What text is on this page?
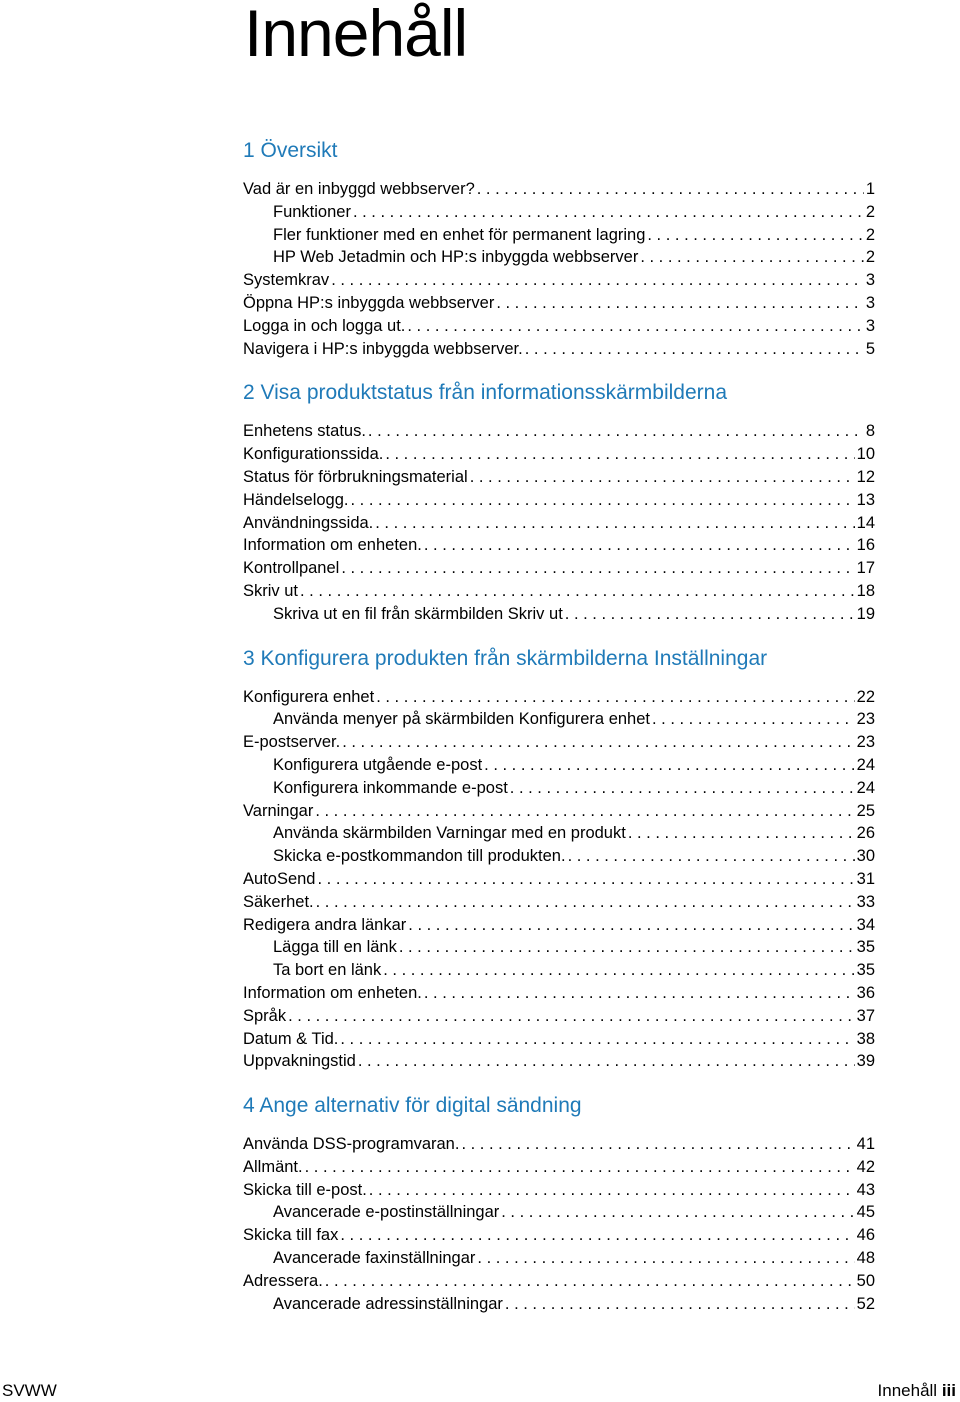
Innehåll
1 Översikt
Vad är en inbyggd webbserver? . . .	1
Funktioner . . .	2
Fler funktioner med en enhet för permanent lagring . . .	2
HP Web Jetadmin och HP:s inbyggda webbserver . . .	2
Systemkrav . . .	3
Öppna HP:s inbyggda webbserver . . .	3
Logga in och logga ut. . . .	3
Navigera i HP:s inbyggda webbserver. . . .	5
2 Visa produktstatus från informationsskärmbilderna
Enhetens status. . . .	8
Konfigurationssida. . . .	10
Status för förbrukningsmaterial . . .	12
Händelselogg. . . .	13
Användningssida. . . .	14
Information om enheten. . . .	16
Kontrollpanel . . .	17
Skriv ut . . .	18
Skriva ut en fil från skärmbilden Skriv ut . . .	19
3 Konfigurera produkten från skärmbilderna Inställningar
Konfigurera enhet . . .	22
Använda menyer på skärmbilden Konfigurera enhet . . .	23
E-postserver. . . .	23
Konfigurera utgående e-post . . .	24
Konfigurera inkommande e-post . . .	24
Varningar . . .	25
Använda skärmbilden Varningar med en produkt . . .	26
Skicka e-postkommandon till produkten. . . .	30
AutoSend . . .	31
Säkerhet. . . .	33
Redigera andra länkar . . .	34
Lägga till en länk . . .	35
Ta bort en länk . . .	35
Information om enheten. . . .	36
Språk . . .	37
Datum & Tid. . . .	38
Uppvakningstid . . .	39
4 Ange alternativ för digital sändning
Använda DSS-programvaran. . . .	41
Allmänt. . . .	42
Skicka till e-post. . . .	43
Avancerade e-postinställningar . . .	45
Skicka till fax . . .	46
Avancerade faxinställningar . . .	48
Adressera. . . .	50
Avancerade adressinställningar . . .	52
SVWW	Innehåll iii
